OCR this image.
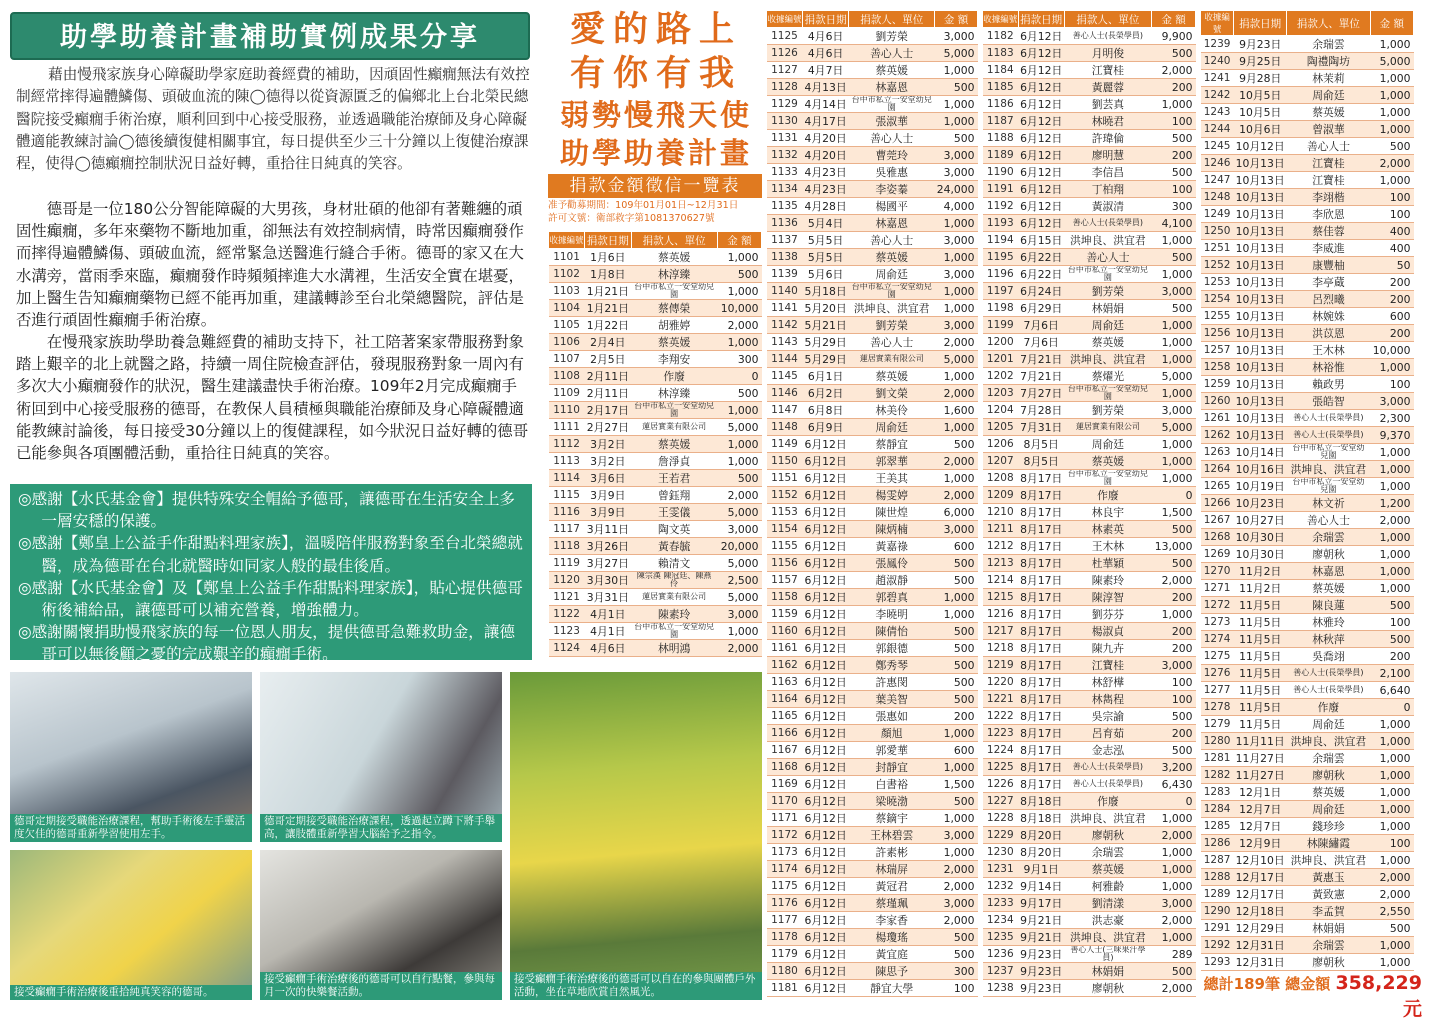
助學助養計畫補助實例成果分享
藉由慢飛家族身心障礙助學家庭助養經費的補助，因頑固性癲癇無法有效控制經常摔得遍體鱗傷、頭破血流的陳◯德得以從資源匱乏的偏鄉北上台北榮民總醫院接受癲癇手術治療，順利回到中心接受服務，並透過職能治療師及身心障礙體適能教練討論◯德後續復健相關事宜，每日提供至少三十分鐘以上復健治療課程，使得◯德癲癇控制狀況日益好轉，重拾往日純真的笑容。
德哥是一位180公分智能障礙的大男孩，身材壯碩的他卻有著難纏的頑固性癲癇，多年來藥物不斷地加重，卻無法有效控制病情，時常因癲癇發作而摔得遍體鱗傷、頭破血流，經常緊急送醫進行縫合手術。德哥的家又在大水溝旁，當雨季來臨，癲癇發作時頻頻摔進大水溝裡，生活安全實在堪憂，加上醫生告知癲癇藥物已經不能再加重，建議轉診至台北榮總醫院，評估是否進行頑固性癲癇手術治療。
在慢飛家族助學助養急難經費的補助支持下，社工陪著案家帶服務對象踏上艱辛的北上就醫之路，持續一周住院檢查評估，發現服務對象一周內有多次大小癲癇發作的狀況，醫生建議盡快手術治療。109年2月完成癲癇手術回到中心接受服務的德哥，在教保人員積極與職能治療師及身心障礙體適能教練討論後，每日接受30分鐘以上的復健課程，如今狀況日益好轉的德哥已能參與各項團體活動，重拾往日純真的笑容。
◎感謝【水氏基金會】提供特殊安全帽給予德哥，讓德哥在生活安全上多一層安穩的保護。
◎感謝【鄭皇上公益手作甜點料理家族】，溫暖陪伴服務對象至台北榮總就醫，成為德哥在台北就醫時如同家人般的最佳後盾。
◎感謝【水氏基金會】及【鄭皇上公益手作甜點料理家族】，貼心提供德哥術後補給品，讓德哥可以補充營養，增強體力。
◎感謝關懷捐助慢飛家族的每一位恩人朋友，提供德哥急難救助金，讓德哥可以無後顧之憂的完成艱辛的癲癇手術。
德哥定期接受職能治療課程，幫助手術後左手靈活度欠佳的德哥重新學習使用左手。
德哥定期接受職能治療課程，透過起立蹲下將手舉高，讓肢體重新學習大腦給予之指令。
接受癲癇手術治療後重拾純真笑容的德哥。
接受癲癇手術治療後的德哥可以自行點餐，參與每月一次的快樂餐活動。
接受癲癇手術治療後的德哥可以自在的參與團體戶外活動，坐在草地欣賞自然風光。
愛的路上
有你有我
弱勢慢飛天使
助學助養計畫
捐款金額徵信一覽表
准予勸募期間：109年01月01日~12月31日
許可文號：衛部救字第1081370627號
收據編號	捐款日期	捐款人、單位	金 額
1101	1月6日	蔡英媛	1,000
1102	1月8日	林淳臻	500
1103	1月21日	台中市私立一安堂幼兒園	1,000
1104	1月21日	蔡傳榮	10,000
1105	1月22日	胡雅婷	2,000
1106	2月4日	蔡英媛	1,000
1107	2月5日	李翔安	300
1108	2月11日	作廢	0
1109	2月11日	林淳臻	500
1110	2月17日	台中市私立一安堂幼兒園	1,000
1111	2月27日	蓮居實業有限公司	5,000
1112	3月2日	蔡英媛	1,000
1113	3月2日	詹淨貞	1,000
1114	3月6日	王若君	500
1115	3月9日	曾鈺翔	2,000
1116	3月9日	王雯儀	5,000
1117	3月11日	陶文英	3,000
1118	3月26日	黃春毓	20,000
1119	3月27日	賴清文	5,000
1120	3月30日	陳宗漢 陳冠廷、陳燕伶	2,500
1121	3月31日	蓮居實業有限公司	5,000
1122	4月1日	陳素玲	3,000
1123	4月1日	台中市私立一安堂幼兒園	1,000
1124	4月6日	林明鴻	2,000
收據編號	捐款日期	捐款人、單位	金 額
1125	4月6日	劉芳榮	3,000
1126	4月6日	善心人士	5,000
1127	4月7日	蔡英媛	1,000
1128	4月13日	林嘉恩	500
1129	4月14日	台中市私立一安堂幼兒園	1,000
1130	4月17日	張淑華	1,000
1131	4月20日	善心人士	500
1132	4月20日	曹莞玲	3,000
1133	4月23日	吳雅惠	3,000
1134	4月23日	李姿蓁	24,000
1135	4月28日	楊國平	4,000
1136	5月4日	林嘉恩	1,000
1137	5月5日	善心人士	3,000
1138	5月5日	蔡英媛	1,000
1139	5月6日	周俞廷	3,000
1140	5月18日	台中市私立一安堂幼兒園	1,000
1141	5月20日	洪坤良、洪宜君	1,000
1142	5月21日	劉芳榮	3,000
1143	5月29日	善心人士	2,000
1144	5月29日	蓮居實業有限公司	5,000
1145	6月1日	蔡英媛	1,000
1146	6月2日	劉文榮	2,000
1147	6月8日	林美伶	1,600
1148	6月9日	周俞廷	1,000
1149	6月12日	蔡靜宜	500
1150	6月12日	郭翠華	2,000
1151	6月12日	王美其	1,000
1152	6月12日	楊雯婷	2,000
1153	6月12日	陳世煌	6,000
1154	6月12日	陳炳楠	3,000
1155	6月12日	黃嘉祿	600
1156	6月12日	張鳳伶	500
1157	6月12日	趙淑靜	500
1158	6月12日	郭碧真	1,000
1159	6月12日	李曉明	1,000
1160	6月12日	陳倩怡	500
1161	6月12日	郭銀德	500
1162	6月12日	鄭秀琴	500
1163	6月12日	許惠閔	500
1164	6月12日	葉美智	500
1165	6月12日	張惠如	200
1166	6月12日	顏旭	1,000
1167	6月12日	郭愛華	600
1168	6月12日	封靜宜	1,000
1169	6月12日	白書裕	1,500
1170	6月12日	梁曉渤	500
1171	6月12日	蔡鏑宇	1,000
1172	6月12日	王林碧雲	3,000
1173	6月12日	許素彬	1,000
1174	6月12日	林瑞屏	2,000
1175	6月12日	黃冠君	2,000
1176	6月12日	蔡瑾珮	3,000
1177	6月12日	李家香	2,000
1178	6月12日	楊瓊瑤	500
1179	6月12日	黃宜庭	500
1180	6月12日	陳思予	300
1181	6月12日	靜宜大學	100
收據編號	捐款日期	捐款人、單位	金 額
1182	6月12日	善心人士(長榮學員)	9,900
1183	6月12日	月明俊	500
1184	6月12日	江寶桂	2,000
1185	6月12日	黃麗蓉	200
1186	6月12日	劉芸真	1,000
1187	6月12日	林曉君	100
1188	6月12日	許瑋倫	500
1189	6月12日	廖明慧	200
1190	6月12日	李信昌	500
1191	6月12日	丁柏翔	100
1192	6月12日	黃淑清	300
1193	6月12日	善心人士(長榮學員)	4,100
1194	6月15日	洪坤良、洪宜君	1,000
1195	6月22日	善心人士	500
1196	6月22日	台中市私立一安堂幼兒園	1,000
1197	6月24日	劉芳榮	3,000
1198	6月29日	林娟娟	500
1199	7月6日	周俞廷	1,000
1200	7月6日	蔡英媛	1,000
1201	7月21日	洪坤良、洪宜君	1,000
1202	7月21日	蔡燿光	5,000
1203	7月27日	台中市私立一安堂幼兒園	1,000
1204	7月28日	劉芳榮	3,000
1205	7月31日	蓮居實業有限公司	5,000
1206	8月5日	周俞廷	1,000
1207	8月5日	蔡英媛	1,000
1208	8月17日	台中市私立一安堂幼兒園	1,000
1209	8月17日	作廢	0
1210	8月17日	林良宇	1,500
1211	8月17日	林素英	500
1212	8月17日	王木林	13,000
1213	8月17日	杜華穎	500
1214	8月17日	陳素玲	2,000
1215	8月17日	陳淳智	200
1216	8月17日	劉芬芬	1,000
1217	8月17日	楊淑貞	200
1218	8月17日	陳九卉	200
1219	8月17日	江寶桂	3,000
1220	8月17日	林舒樺	100
1221	8月17日	林雋程	100
1222	8月17日	吳宗諭	500
1223	8月17日	呂育茹	200
1224	8月17日	金志泓	500
1225	8月17日	善心人士(長榮學員)	3,200
1226	8月17日	善心人士(長榮學員)	6,430
1227	8月18日	作廢	0
1228	8月18日	洪坤良、洪宜君	1,000
1229	8月20日	廖朝秋	2,000
1230	8月20日	余瑞雲	1,000
1231	9月1日	蔡英媛	1,000
1232	9月14日	柯雅齡	1,000
1233	9月17日	劉清漾	3,000
1234	9月21日	洪志豪	2,000
1235	9月21日	洪坤良、洪宜君	1,000
1236	9月23日	善心人士(三味果汁學員)	289
1237	9月23日	林娟娟	500
1238	9月23日	廖朝秋	2,000
收據編號	捐款日期	捐款人、單位	金 額
1239	9月23日	余瑞雲	1,000
1240	9月25日	陶禮陶坊	5,000
1241	9月28日	林茉莉	1,000
1242	10月5日	周俞廷	1,000
1243	10月5日	蔡英媛	1,000
1244	10月6日	曾淑華	1,000
1245	10月12日	善心人士	500
1246	10月13日	江寶桂	2,000
1247	10月13日	江寶桂	1,000
1248	10月13日	李翊楷	100
1249	10月13日	李欣恩	100
1250	10月13日	蔡佳蓉	400
1251	10月13日	李威進	400
1252	10月13日	康豐柚	50
1253	10月13日	李亭蔵	200
1254	10月13日	呂烈曦	200
1255	10月13日	林婉姝	600
1256	10月13日	洪苡恩	200
1257	10月13日	王木林	10,000
1258	10月13日	林裕惟	1,000
1259	10月13日	賴政男	100
1260	10月13日	張皓智	3,000
1261	10月13日	善心人士(長榮學員)	2,300
1262	10月13日	善心人士(長榮學員)	9,370
1263	10月14日	台中市私立一安堂幼兒園	1,000
1264	10月16日	洪坤良、洪宜君	1,000
1265	10月19日	台中市私立一安堂幼兒園	1,000
1266	10月23日	林文祈	1,200
1267	10月27日	善心人士	2,000
1268	10月30日	余瑞雲	1,000
1269	10月30日	廖朝秋	1,000
1270	11月2日	林嘉恩	1,000
1271	11月2日	蔡英媛	1,000
1272	11月5日	陳良蓮	500
1273	11月5日	林雅玲	100
1274	11月5日	林秋萍	500
1275	11月5日	吳喬翊	200
1276	11月5日	善心人士(長榮學員)	2,100
1277	11月5日	善心人士(長榮學員)	6,640
1278	11月5日	作廢	0
1279	11月5日	周俞廷	1,000
1280	11月11日	洪坤良、洪宜君	1,000
1281	11月27日	余瑞雲	1,000
1282	11月27日	廖朝秋	1,000
1283	12月1日	蔡英媛	1,000
1284	12月7日	周俞廷	1,000
1285	12月7日	錢珍珍	1,000
1286	12月9日	林陳繡霞	100
1287	12月10日	洪坤良、洪宜君	1,000
1288	12月17日	黃惠玉	2,000
1289	12月17日	黃致憲	2,000
1290	12月18日	李孟賀	2,550
1291	12月29日	林娟娟	500
1292	12月31日	余瑞雲	1,000
1293	12月31日	廖朝秋	1,000
總計189筆 總金額 358,229元
